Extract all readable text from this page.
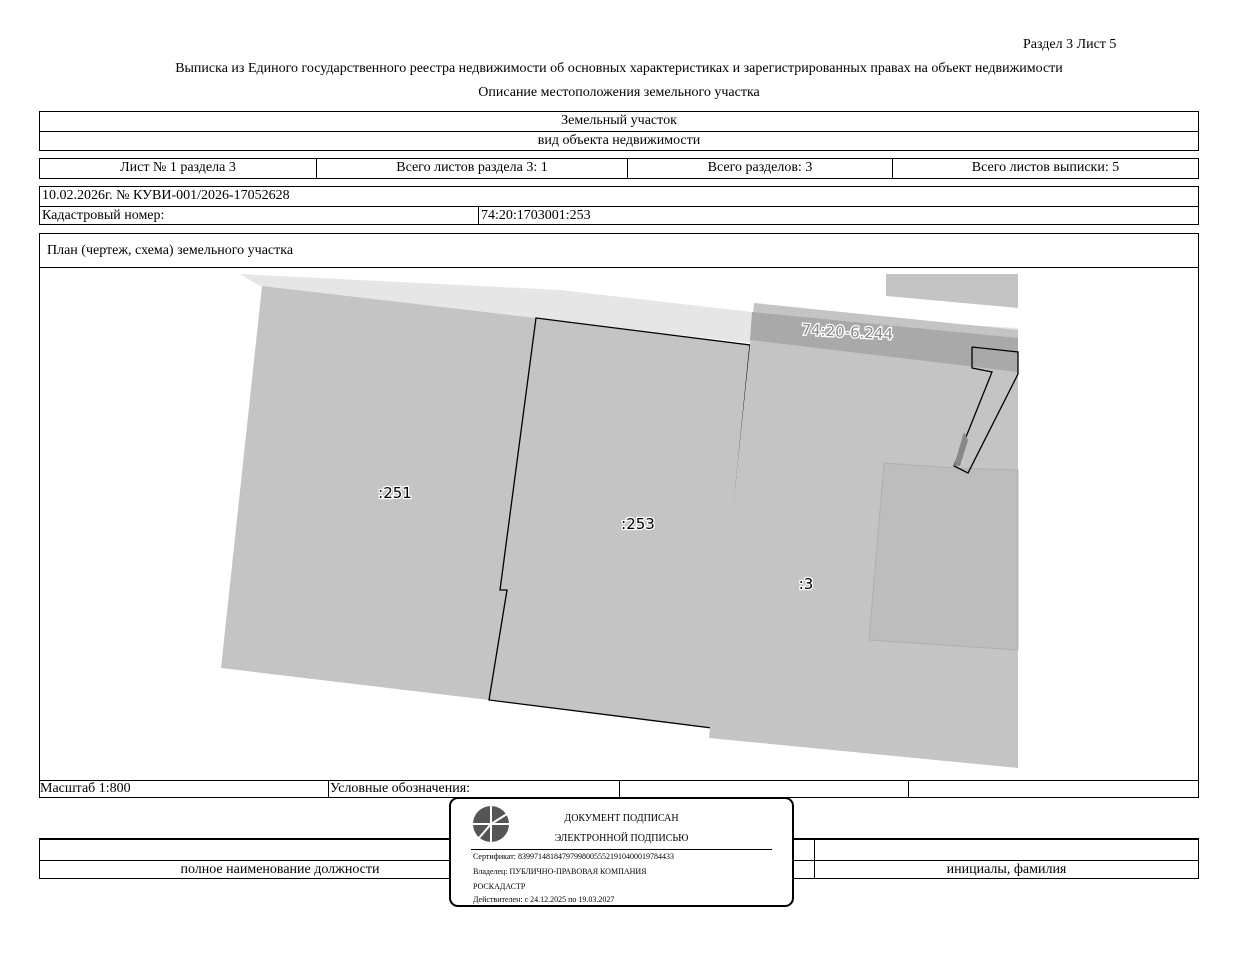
Раздел 3 Лист 5
Выписка из Единого государственного реестра недвижимости об основных характеристиках и зарегистрированных правах на объект недвижимости
Описание местоположения земельного участка
Земельный участок
вид объекта недвижимости
Лист № 1 раздела 3	Всего листов раздела 3: 1	Всего разделов: 3	Всего листов выписки: 5
10.02.2026г. № КУВИ-001/2026-17052628
Кадастровый номер:	74:20:1703001:253
План (чертеж, схема) земельного участка
Масштаб 1:800	Условные обозначения:
:251
:253
:3
74:20-6.244
полное наименование должности	инициалы, фамилия
ДОКУМЕНТ ПОДПИСАН
ЭЛЕКТРОННОЙ ПОДПИСЬЮ
Сертификат: 839971481847979980055521910400019784433
Владелец: ПУБЛИЧНО-ПРАВОВАЯ КОМПАНИЯ
РОСКАДАСТР
Действителен: с 24.12.2025 по 19.03.2027
